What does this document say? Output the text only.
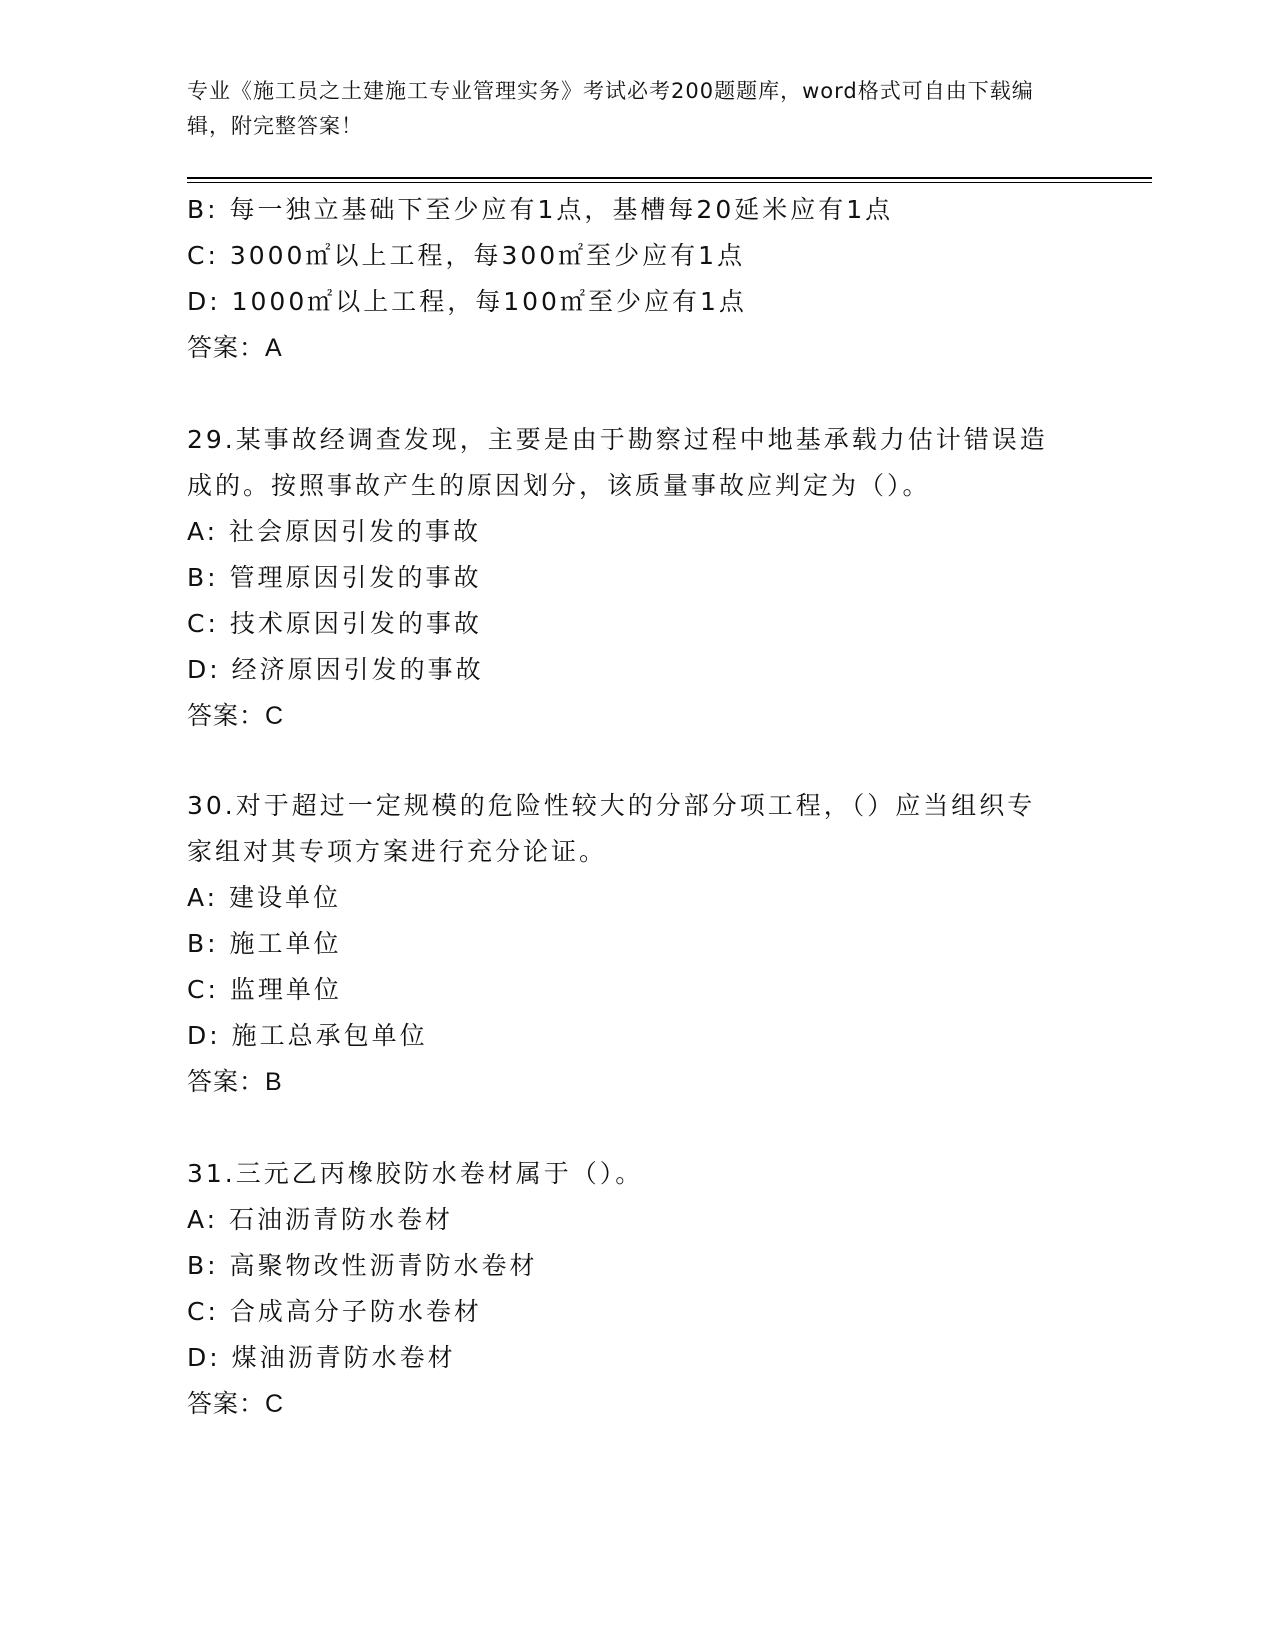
专业《施工员之土建施工专业管理实务》考试必考200题题库，word格式可自由下载编辑，附完整答案！
B: 每一独立基础下至少应有1点，基槽每20延米应有1点
C: 3000㎡以上工程，每300㎡至少应有1点
D: 1000㎡以上工程，每100㎡至少应有1点
答案：A
29.某事故经调查发现，主要是由于勘察过程中地基承载力估计错误造
成的。按照事故产生的原因划分，该质量事故应判定为（）。
A: 社会原因引发的事故
B: 管理原因引发的事故
C: 技术原因引发的事故
D: 经济原因引发的事故
答案：C
30.对于超过一定规模的危险性较大的分部分项工程，（）应当组织专
家组对其专项方案进行充分论证。
A: 建设单位
B: 施工单位
C: 监理单位
D: 施工总承包单位
答案：B
31.三元乙丙橡胶防水卷材属于（）。
A: 石油沥青防水卷材
B: 高聚物改性沥青防水卷材
C: 合成高分子防水卷材
D: 煤油沥青防水卷材
答案：C
